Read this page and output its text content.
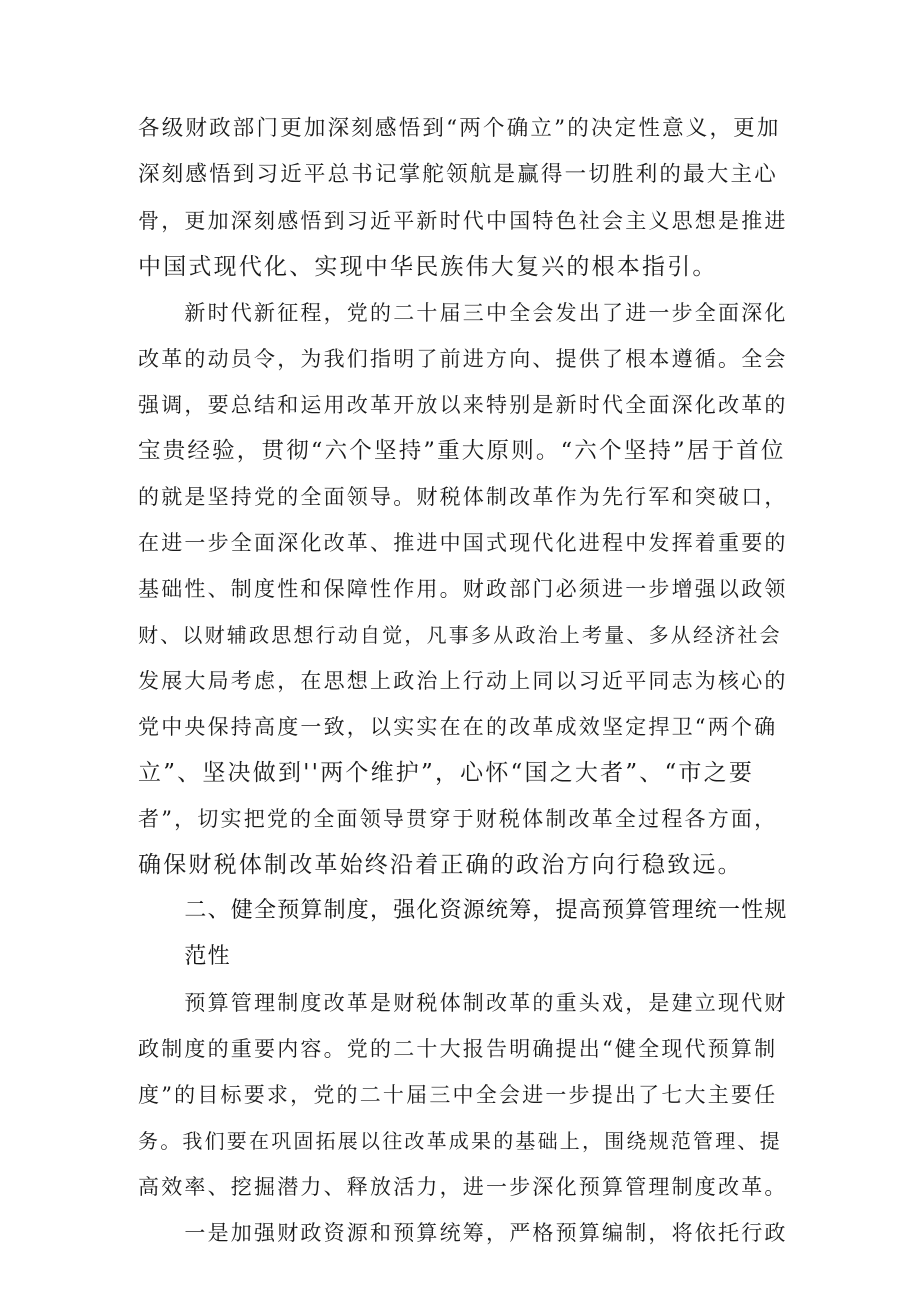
各级财政部门更加深刻感悟到“两个确立”的决定性意义，更加
深刻感悟到习近平总书记掌舵领航是赢得一切胜利的最大主心
骨，更加深刻感悟到习近平新时代中国特色社会主义思想是推进
中国式现代化、实现中华民族伟大复兴的根本指引。
　　新时代新征程，党的二十届三中全会发出了进一步全面深化
改革的动员令，为我们指明了前进方向、提供了根本遵循。全会
强调，要总结和运用改革开放以来特别是新时代全面深化改革的
宝贵经验，贯彻“六个坚持”重大原则。“六个坚持”居于首位
的就是坚持党的全面领导。财税体制改革作为先行军和突破口，
在进一步全面深化改革、推进中国式现代化进程中发挥着重要的
基础性、制度性和保障性作用。财政部门必须进一步增强以政领
财、以财辅政思想行动自觉，凡事多从政治上考量、多从经济社会
发展大局考虑，在思想上政治上行动上同以习近平同志为核心的
党中央保持高度一致，以实实在在的改革成效坚定捍卫“两个确
立”、坚决做到''两个维护”，心怀“国之大者”、“市之要
者”，切实把党的全面领导贯穿于财税体制改革全过程各方面，
确保财税体制改革始终沿着正确的政治方向行稳致远。
　　二、健全预算制度，强化资源统筹，提高预算管理统一性规
　　范性
　　预算管理制度改革是财税体制改革的重头戏，是建立现代财
政制度的重要内容。党的二十大报告明确提出“健全现代预算制
度”的目标要求，党的二十届三中全会进一步提出了七大主要任
务。我们要在巩固拓展以往改革成果的基础上，围绕规范管理、提
高效率、挖掘潜力、释放活力，进一步深化预算管理制度改革。
　　一是加强财政资源和预算统筹，严格预算编制，将依托行政
